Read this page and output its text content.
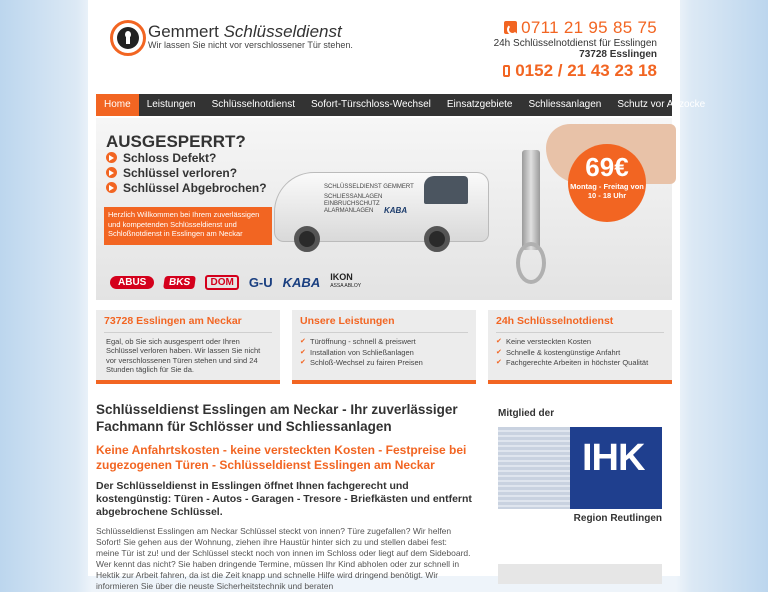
Gemmert Schlüsseldienst
Wir lassen Sie nicht vor verschlossener Tür stehen.
0711 21 95 85 75
24h Schlüsselnotdienst für Esslingen
73728 Esslingen
0152 / 21 43 23 18
Home	Leistungen	Schlüsselnotdienst	Sofort-Türschloss-Wechsel	Einsatzgebiete	Schliessanlagen	Schutz vor Abzocke
AUSGESPERRT?
Schloss Defekt?
Schlüssel verloren?
Schlüssel Abgebrochen?
Herzlich Willkommen bei Ihrem zuverlässigen und kompetenden Schlüsseldienst und Schloßnotdienst in Esslingen am Neckar
SCHLÜSSELDIENST GEMMERT
SCHLIESSANLAGEN EINBRUCHSCHUTZ ALARMANLAGEN	KABA
69€
Montag - Freitag von 10 - 18 Uhr
ABUS	BKS	DOM	G-U KABA IKON
ASSA ABLOY
73728 Esslingen am Neckar

Egal, ob Sie sich ausgesperrt oder Ihren Schlüssel verloren haben. Wir lassen Sie nicht vor verschlossenen Türen stehen und sind 24 Stunden täglich für Sie da.

Unsere Leistungen
✔ Türöffnung - schnell & preiswert
✔ Installation von Schließanlagen
✔ Schloß-Wechsel zu fairen Preisen
24h Schlüsselnotdienst
✔ Keine versteckten Kosten
✔ Schnelle & kostengünstige Anfahrt
✔ Fachgerechte Arbeiten in höchster Qualität
Schlüsseldienst Esslingen am Neckar - Ihr zuverlässiger Fachmann für Schlösser und Schliessanlagen
Keine Anfahrtskosten - keine versteckten Kosten - Festpreise bei zugezogenen Türen - Schlüsseldienst Esslingen am Neckar
Der Schlüsseldienst in Esslingen öffnet Ihnen fachgerecht und kostengünstig: Türen - Autos - Garagen - Tresore - Briefkästen und entfernt abgebrochene Schlüssel.
Schlüsseldienst Esslingen am Neckar Schlüssel steckt von innen? Türe zugefallen? Wir helfen Sofort! Sie gehen aus der Wohnung, ziehen ihre Haustür hinter sich zu und stellen dabei fest: meine Tür ist zu! und der Schlüssel steckt noch von innen im Schloss oder liegt auf dem Sideboard. Wer kennt das nicht? Sie haben dringende Termine, müssen Ihr Kind abholen oder zur schnell in Hektik zur Arbeit fahren, da ist die Zeit knapp und schnelle Hilfe wird dringend benötigt. Wir informieren Sie über die neuste Sicherheitstechnik und beraten
Mitglied der
IHK
Region Reutlingen
